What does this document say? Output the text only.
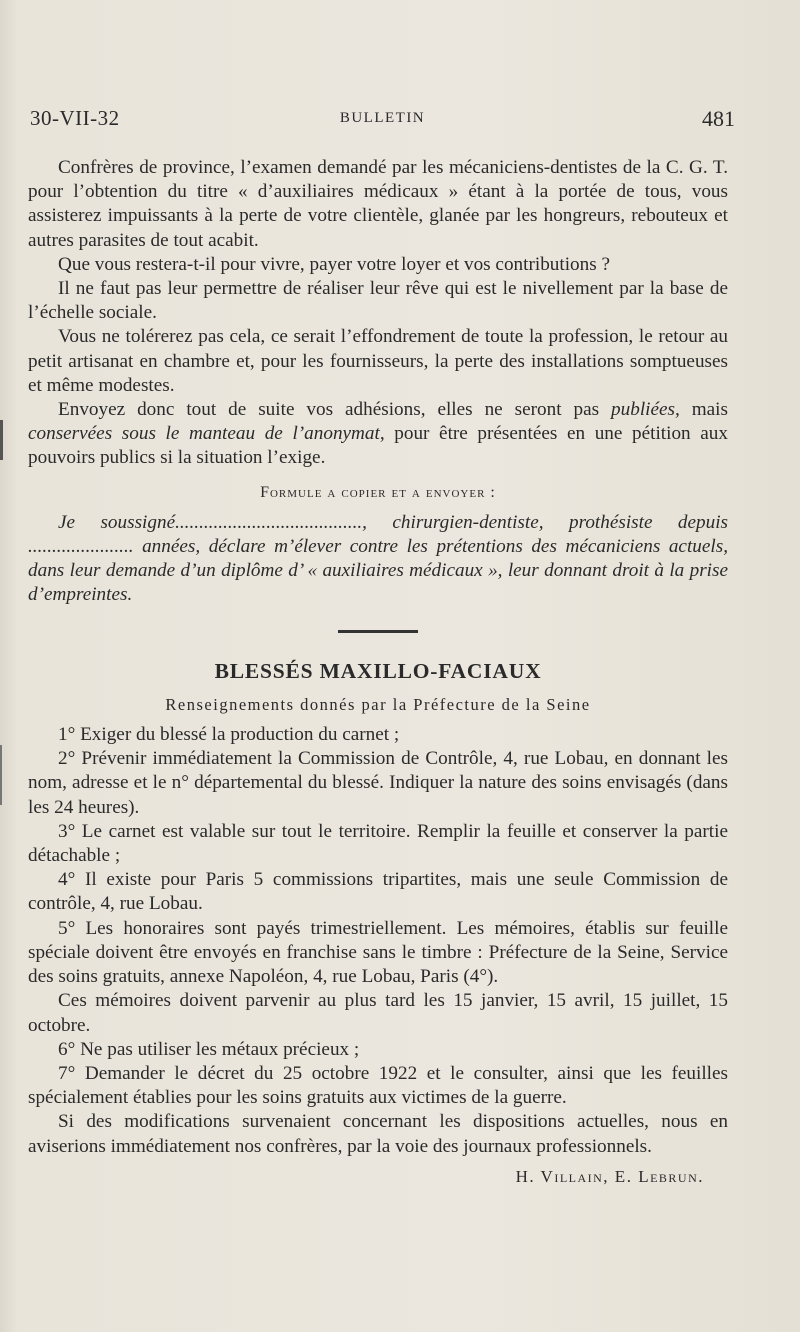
30-VII-32	BULLETIN	481

Confrères de province, l’examen demandé par les mécaniciens-dentistes de la C. G. T. pour l’obtention du titre « d’auxiliaires médicaux » étant à la portée de tous, vous assisterez impuissants à la perte de votre clientèle, glanée par les hongreurs, rebouteux et autres parasites de tout acabit.

Que vous restera-t-il pour vivre, payer votre loyer et vos contributions ?

Il ne faut pas leur permettre de réaliser leur rêve qui est le nivellement par la base de l’échelle sociale.

Vous ne tolérerez pas cela, ce serait l’effondrement de toute la profession, le retour au petit artisanat en chambre et, pour les fournisseurs, la perte des installations somptueuses et même modestes.

Envoyez donc tout de suite vos adhésions, elles ne seront pas publiées, mais conservées sous le manteau de l’anonymat, pour être présentées en une pétition aux pouvoirs publics si la situation l’exige.

Formule a copier et a envoyer :

Je soussigné......................................., chirurgien-dentiste, prothésiste depuis ...................... années, déclare m’élever contre les prétentions des mécaniciens actuels, dans leur demande d’un diplôme d’ « auxiliaires médicaux », leur donnant droit à la prise d’empreintes.

BLESSÉS MAXILLO-FACIAUX
Renseignements donnés par la Préfecture de la Seine

1° Exiger du blessé la production du carnet ;

2° Prévenir immédiatement la Commission de Contrôle, 4, rue Lobau, en donnant les nom, adresse et le n° départemental du blessé. Indiquer la nature des soins envisagés (dans les 24 heures).

3° Le carnet est valable sur tout le territoire. Remplir la feuille et conserver la partie détachable ;

4° Il existe pour Paris 5 commissions tripartites, mais une seule Commission de contrôle, 4, rue Lobau.

5° Les honoraires sont payés trimestriellement. Les mémoires, établis sur feuille spéciale doivent être envoyés en franchise sans le timbre : Préfecture de la Seine, Service des soins gratuits, annexe Napoléon, 4, rue Lobau, Paris (4°).

Ces mémoires doivent parvenir au plus tard les 15 janvier, 15 avril, 15 juillet, 15 octobre.

6° Ne pas utiliser les métaux précieux ;

7° Demander le décret du 25 octobre 1922 et le consulter, ainsi que les feuilles spécialement établies pour les soins gratuits aux victimes de la guerre.

Si des modifications survenaient concernant les dispositions actuelles, nous en aviserions immédiatement nos confrères, par la voie des journaux professionnels.

H. Villain, E. Lebrun.
